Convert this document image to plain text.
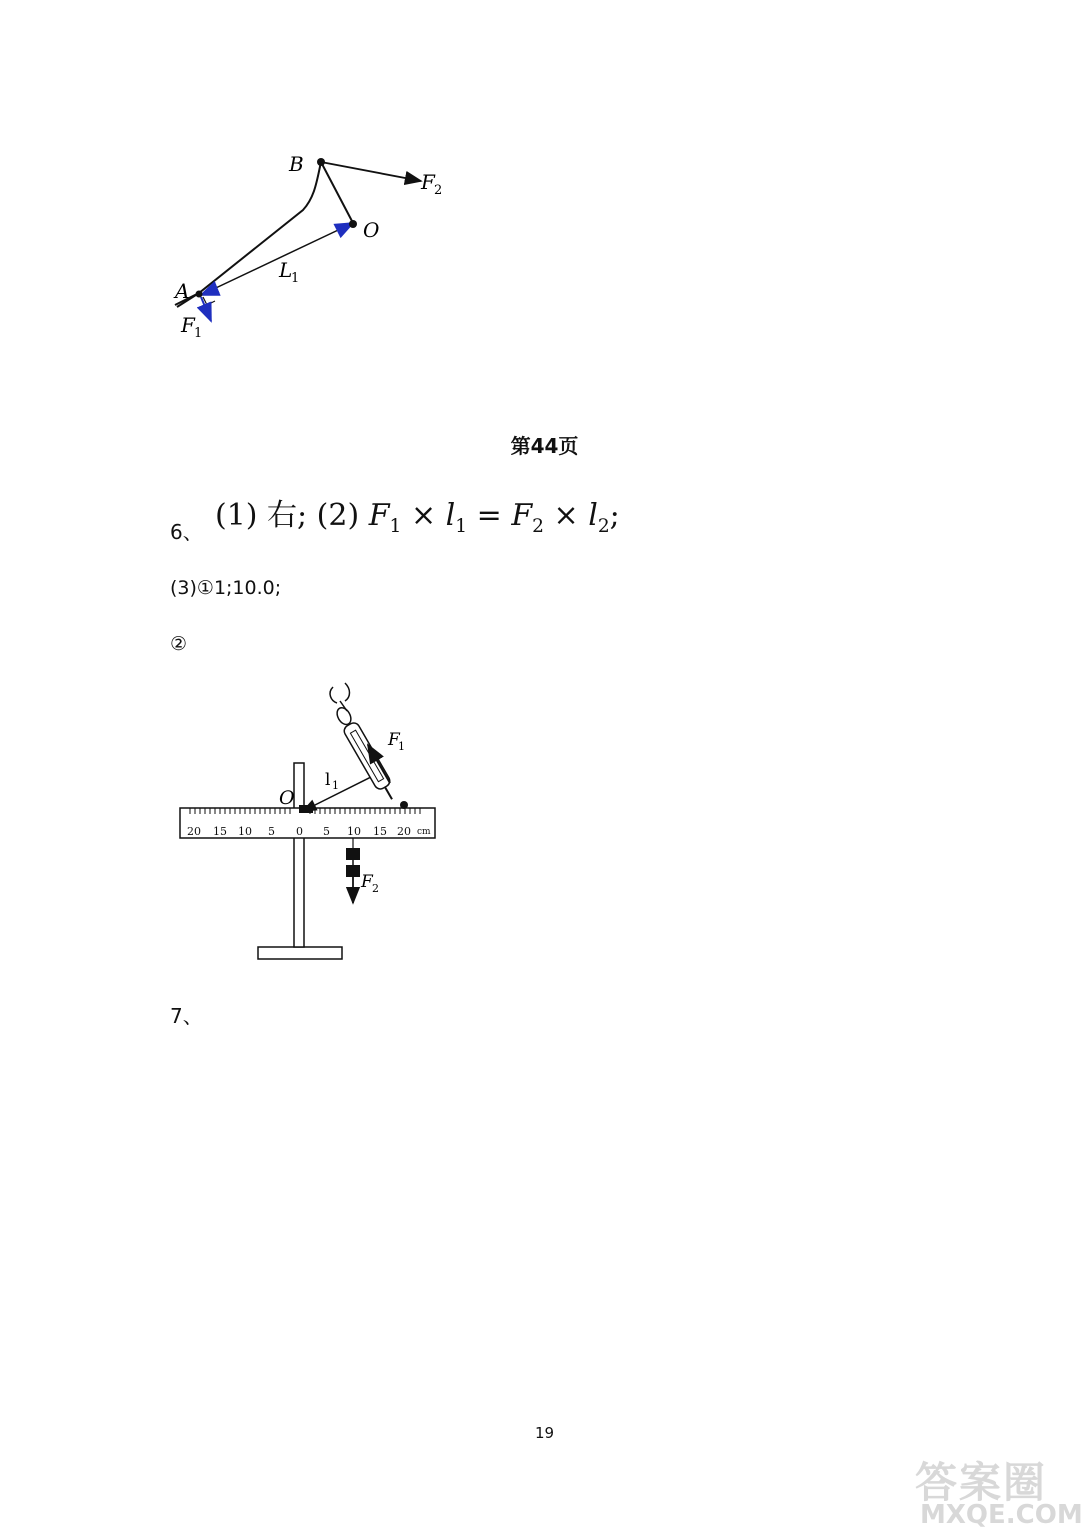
B
O
A
F 2
F 1
L
1
第44页
6、 (1) 右; (2) $F_1 \times l_1 = F_2 \times l_2$;
(3)①1;10.0;
②
20 15 10 5 0 5 10 15 20 cm
O
l 1
F 2
F
1
7、
19
答案圈
MXQE.COM
